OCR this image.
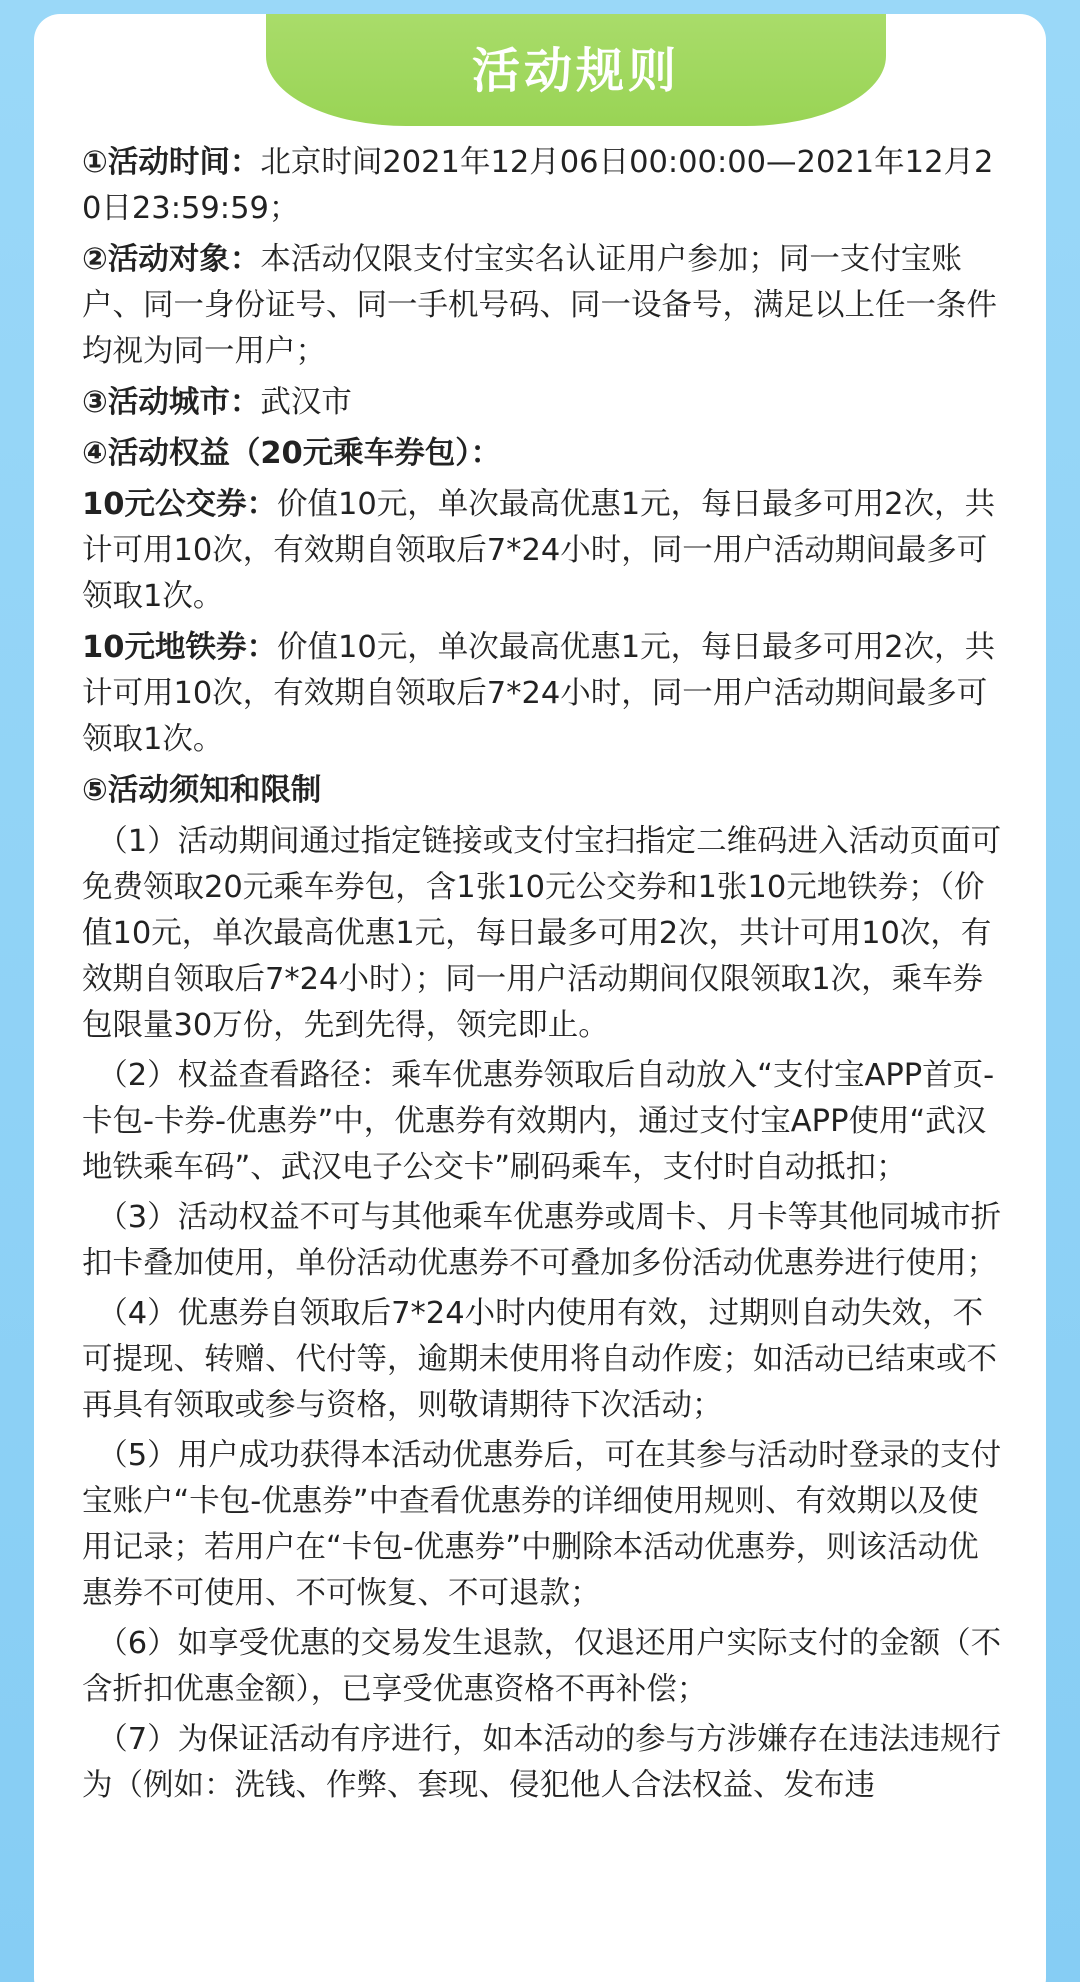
活动规则

①活动时间：北京时间2021年12月06日00:00:00—2021年12月20日23:59:59；

②活动对象：本活动仅限支付宝实名认证用户参加；同一支付宝账户、同一身份证号、同一手机号码、同一设备号，满足以上任一条件均视为同一用户；

③活动城市：武汉市

④活动权益（20元乘车券包）：

10元公交券：价值10元，单次最高优惠1元，每日最多可用2次，共计可用10次，有效期自领取后7*24小时，同一用户活动期间最多可领取1次。

10元地铁券：价值10元，单次最高优惠1元，每日最多可用2次，共计可用10次，有效期自领取后7*24小时，同一用户活动期间最多可领取1次。

⑤活动须知和限制

（1）活动期间通过指定链接或支付宝扫指定二维码进入活动页面可免费领取20元乘车券包，含1张10元公交券和1张10元地铁券；（价值10元，单次最高优惠1元，每日最多可用2次，共计可用10次，有效期自领取后7*24小时）；同一用户活动期间仅限领取1次，乘车券包限量30万份，先到先得，领完即止。

（2）权益查看路径：乘车优惠券领取后自动放入“支付宝APP首页-卡包-卡券-优惠券”中，优惠券有效期内，通过支付宝APP使用“武汉地铁乘车码”、武汉电子公交卡”刷码乘车，支付时自动抵扣；

（3）活动权益不可与其他乘车优惠券或周卡、月卡等其他同城市折扣卡叠加使用，单份活动优惠券不可叠加多份活动优惠券进行使用；

（4）优惠券自领取后7*24小时内使用有效，过期则自动失效，不可提现、转赠、代付等，逾期未使用将自动作废；如活动已结束或不再具有领取或参与资格，则敬请期待下次活动；

（5）用户成功获得本活动优惠券后，可在其参与活动时登录的支付宝账户“卡包-优惠券”中查看优惠券的详细使用规则、有效期以及使用记录；若用户在“卡包-优惠券”中删除本活动优惠券，则该活动优惠券不可使用、不可恢复、不可退款；

（6）如享受优惠的交易发生退款，仅退还用户实际支付的金额（不含折扣优惠金额），已享受优惠资格不再补偿；

（7）为保证活动有序进行，如本活动的参与方涉嫌存在违法违规行为（例如：洗钱、作弊、套现、侵犯他人合法权益、发布违
